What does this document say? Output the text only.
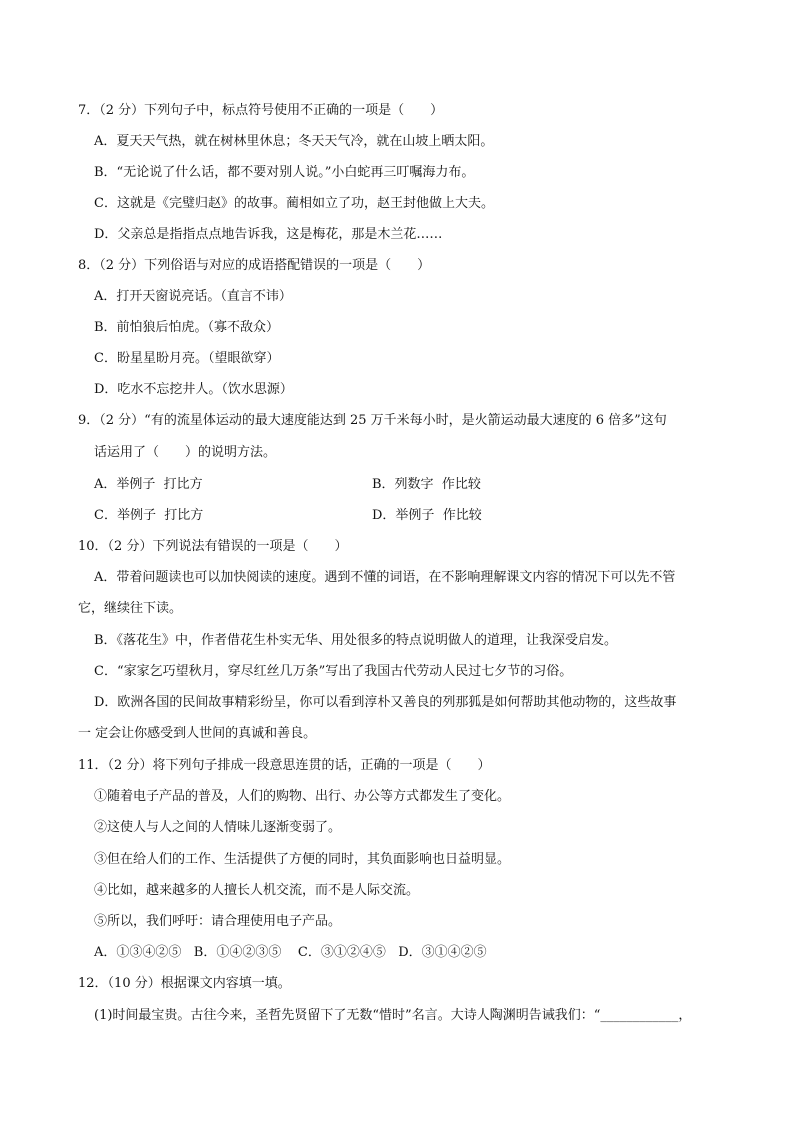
7．（2 分）下列句子中，标点符号使用不正确的一项是（　　）
A．夏天天气热，就在树林里休息；冬天天气冷，就在山坡上晒太阳。
B．“无论说了什么话，都不要对别人说。”小白蛇再三叮嘱海力布。
C．这就是《完璧归赵》的故事。蔺相如立了功，赵王封他做上大夫。
D．父亲总是指指点点地告诉我，这是梅花，那是木兰花……
8．（2 分）下列俗语与对应的成语搭配错误的一项是（　　）
A．打开天窗说亮话。（直言不讳）
B．前怕狼后怕虎。（寡不敌众）
C．盼星星盼月亮。（望眼欲穿）
D．吃水不忘挖井人。（饮水思源）
9．（2 分）“有的流星体运动的最大速度能达到 25 万千米每小时，是火箭运动最大速度的 6 倍多”这句
话运用了（　　）的说明方法。
A．举例子  打比方	B．列数字  作比较
C．举例子  打比方	D．举例子  作比较
10．（2 分）下列说法有错误的一项是（　　）
A．带着问题读也可以加快阅读的速度。遇到不懂的词语，在不影响理解课文内容的情况下可以先不管
它，继续往下读。
B．《落花生》中，作者借花生朴实无华、用处很多的特点说明做人的道理，让我深受启发。
C．“家家乞巧望秋月，穿尽红丝几万条”写出了我国古代劳动人民过七夕节的习俗。
D．欧洲各国的民间故事精彩纷呈，你可以看到淳朴又善良的列那狐是如何帮助其他动物的，这些故事
一 定会让你感受到人世间的真诚和善良。
11．（2 分）将下列句子排成一段意思连贯的话，正确的一项是（　　）
①随着电子产品的普及，人们的购物、出行、办公等方式都发生了变化。
②这使人与人之间的人情味儿逐渐变弱了。
③但在给人们的工作、生活提供了方便的同时，其负面影响也日益明显。
④比如，越来越多的人擅长人机交流，而不是人际交流。
⑤所以，我们呼吁：请合理使用电子产品。
A．①③④②⑤   B．①④②③⑤    C．③①②④⑤   D．③①④②⑤
12．（10 分）根据课文内容填一填。
(1)时间最宝贵。古往今来，圣哲先贤留下了无数“惜时”名言。大诗人陶渊明告诫我们：“____________，
